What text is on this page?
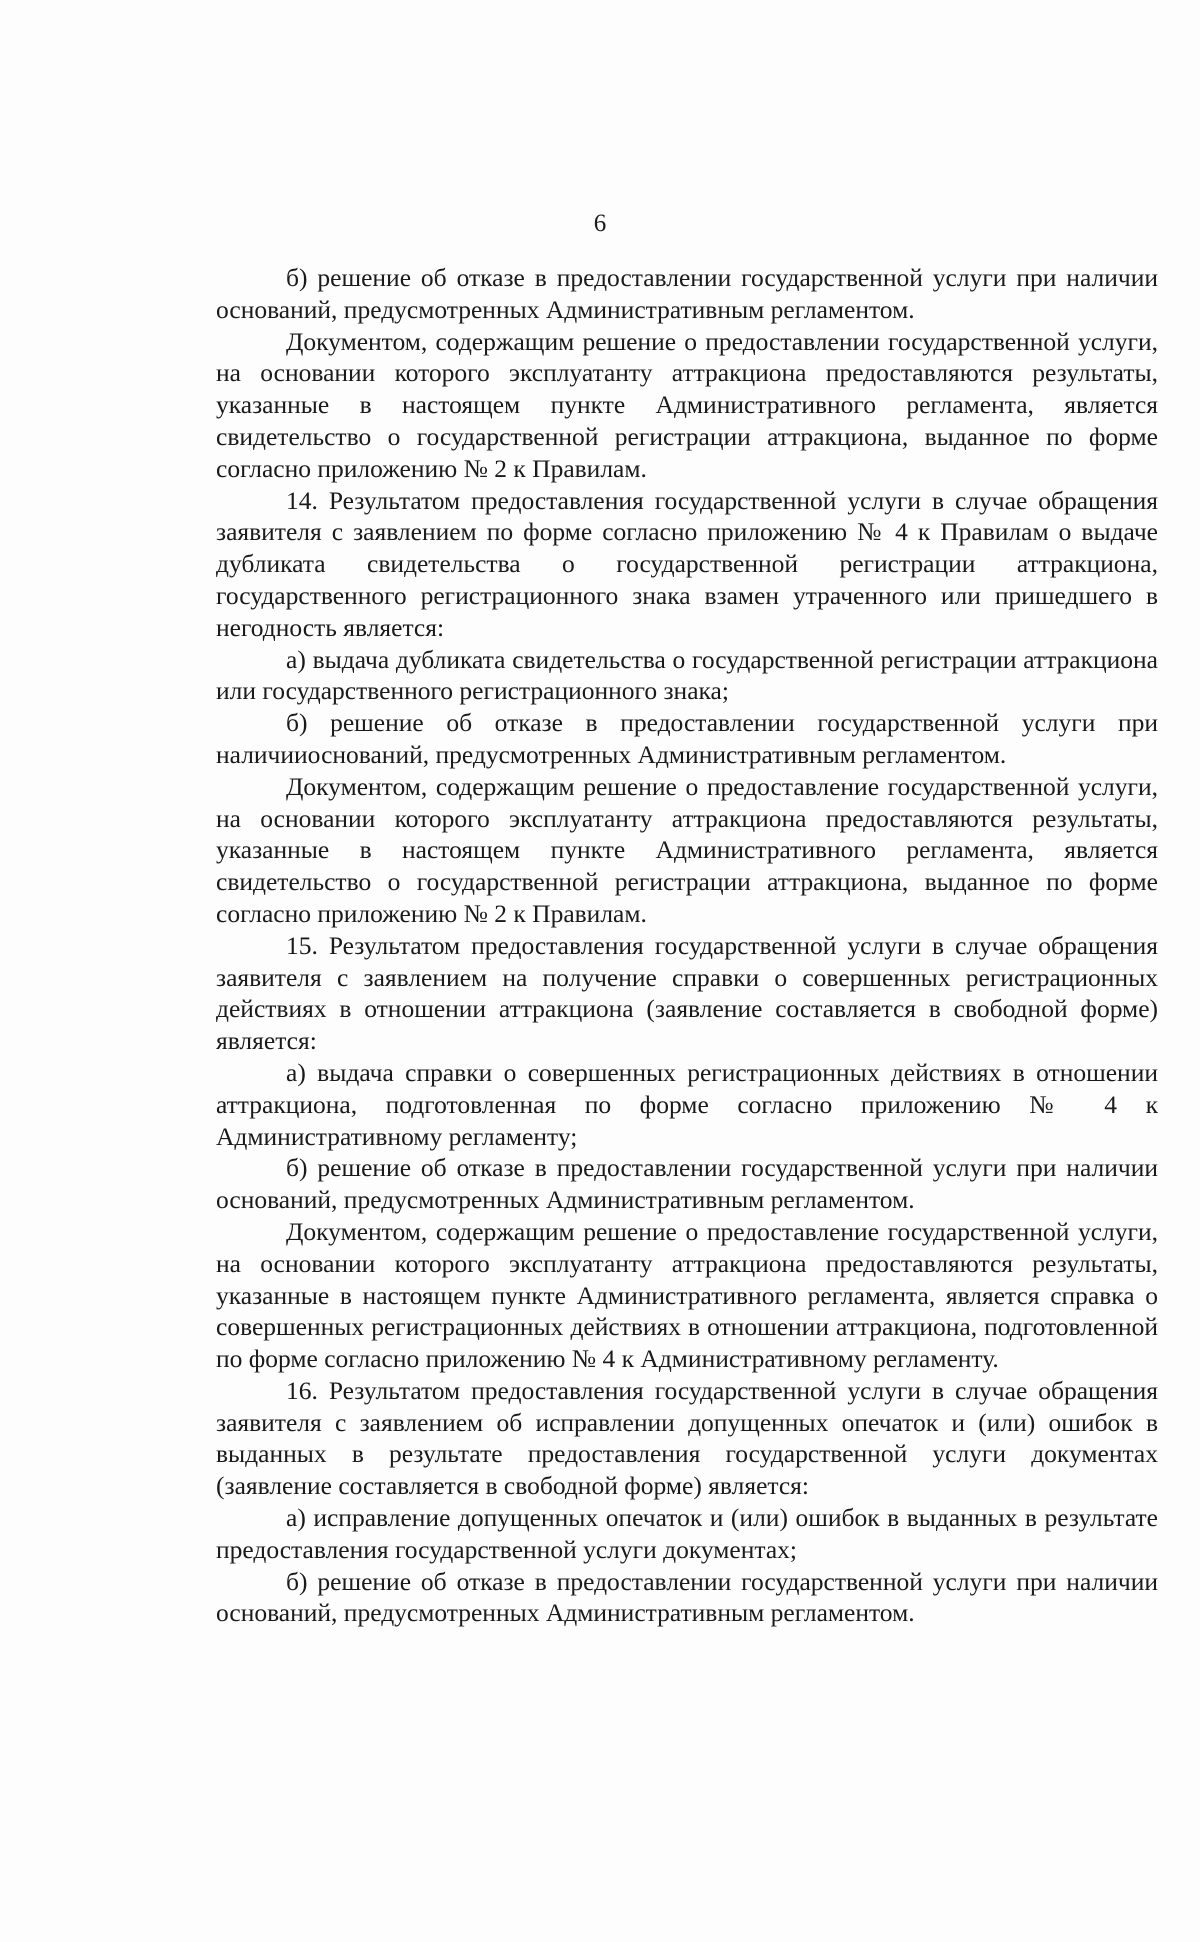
6

б) решение об отказе в предоставлении государственной услуги при наличии оснований, предусмотренных Административным регламентом.

Документом, содержащим решение о предоставлении государственной услуги, на основании которого эксплуатанту аттракциона предоставляются результаты, указанные в настоящем пункте Административного регламента, является свидетельство о государственной регистрации аттракциона, выданное по форме согласно приложению № 2 к Правилам.

14. Результатом предоставления государственной услуги в случае обращения заявителя с заявлением по форме согласно приложению № 4 к Правилам о выдаче дубликата свидетельства о государственной регистрации аттракциона, государственного регистрационного знака взамен утраченного или пришедшего в негодность является:

а) выдача дубликата свидетельства о государственной регистрации аттракциона или государственного регистрационного знака;

б) решение об отказе в предоставлении государственной услуги при наличииоснований, предусмотренных Административным регламентом.

Документом, содержащим решение о предоставление государственной услуги, на основании которого эксплуатанту аттракциона предоставляются результаты, указанные в настоящем пункте Административного регламента, является свидетельство о государственной регистрации аттракциона, выданное по форме согласно приложению № 2 к Правилам.

15. Результатом предоставления государственной услуги в случае обращения заявителя с заявлением на получение справки о совершенных регистрационных действиях в отношении аттракциона (заявление составляется в свободной форме) является:

а) выдача справки о совершенных регистрационных действиях в отношении аттракциона, подготовленная по форме согласно приложению № 4 к Административному регламенту;

б) решение об отказе в предоставлении государственной услуги при наличии оснований, предусмотренных Административным регламентом.

Документом, содержащим решение о предоставление государственной услуги, на основании которого эксплуатанту аттракциона предоставляются результаты, указанные в настоящем пункте Административного регламента, является справка о совершенных регистрационных действиях в отношении аттракциона, подготовленной по форме согласно приложению № 4 к Административному регламенту.

16. Результатом предоставления государственной услуги в случае обращения заявителя с заявлением об исправлении допущенных опечаток и (или) ошибок в выданных в результате предоставления государственной услуги документах (заявление составляется в свободной форме) является:

а) исправление допущенных опечаток и (или) ошибок в выданных в результате предоставления государственной услуги документах;

б) решение об отказе в предоставлении государственной услуги при наличии оснований, предусмотренных Административным регламентом.
